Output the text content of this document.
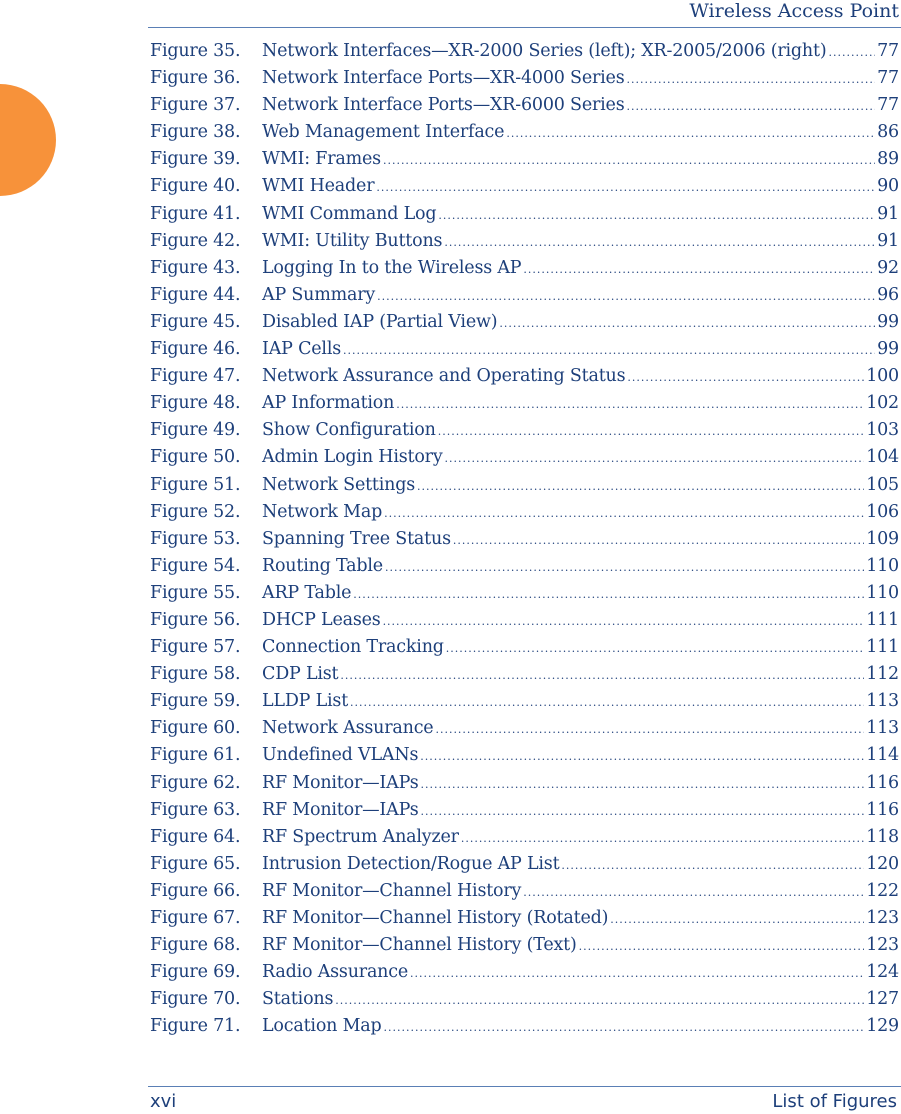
Wireless Access Point
Figure 35.	Network Interfaces—XR-2000 Series (left); XR-2005/2006 (right) .....	77
Figure 36.	Network Interface Ports—XR-4000 Series .....	77
Figure 37.	Network Interface Ports—XR-6000 Series .....	77
Figure 38.	Web Management Interface .....	86
Figure 39.	WMI: Frames .....	89
Figure 40.	WMI Header .....	90
Figure 41.	WMI Command Log .....	91
Figure 42.	WMI: Utility Buttons .....	91
Figure 43.	Logging In to the Wireless AP .....	92
Figure 44.	AP Summary .....	96
Figure 45.	Disabled IAP (Partial View) .....	99
Figure 46.	IAP Cells .....	99
Figure 47.	Network Assurance and Operating Status .....	100
Figure 48.	AP Information .....	102
Figure 49.	Show Configuration .....	103
Figure 50.	Admin Login History .....	104
Figure 51.	Network Settings .....	105
Figure 52.	Network Map .....	106
Figure 53.	Spanning Tree Status .....	109
Figure 54.	Routing Table .....	110
Figure 55.	ARP Table .....	110
Figure 56.	DHCP Leases .....	111
Figure 57.	Connection Tracking .....	111
Figure 58.	CDP List .....	112
Figure 59.	LLDP List .....	113
Figure 60.	Network Assurance .....	113
Figure 61.	Undefined VLANs .....	114
Figure 62.	RF Monitor—IAPs .....	116
Figure 63.	RF Monitor—IAPs .....	116
Figure 64.	RF Spectrum Analyzer .....	118
Figure 65.	Intrusion Detection/Rogue AP List .....	120
Figure 66.	RF Monitor—Channel History .....	122
Figure 67.	RF Monitor—Channel History (Rotated) .....	123
Figure 68.	RF Monitor—Channel History (Text) .....	123
Figure 69.	Radio Assurance .....	124
Figure 70.	Stations .....	127
Figure 71.	Location Map .....	129
xvi	List of Figures
